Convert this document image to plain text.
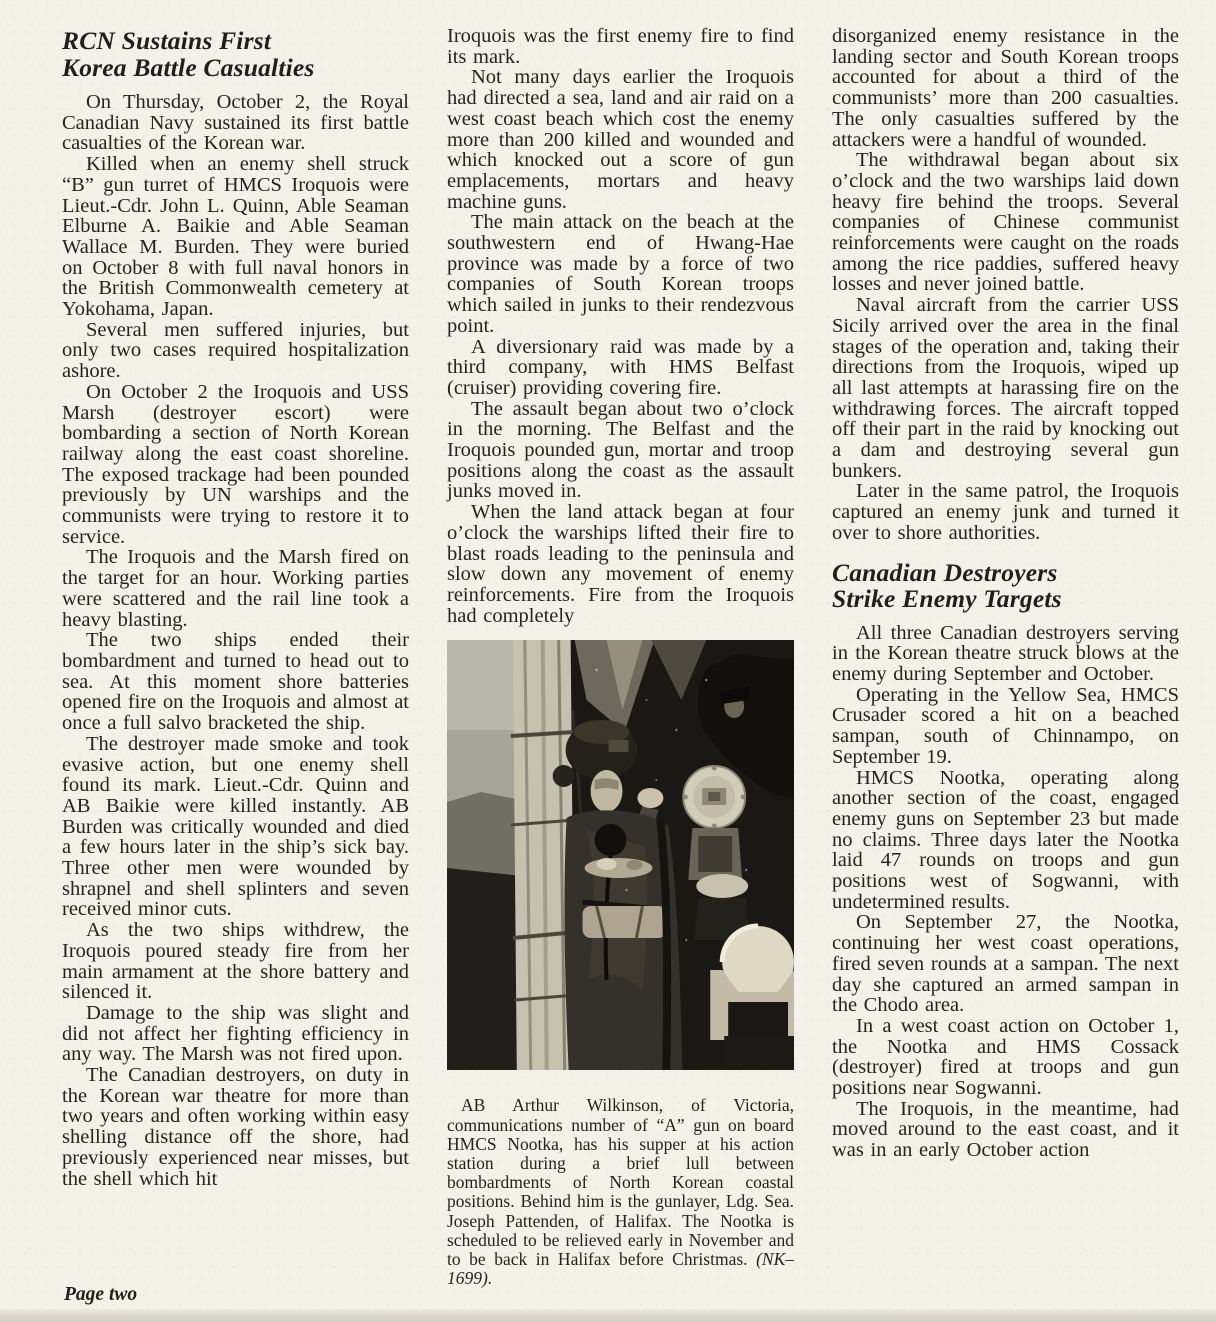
RCN Sustains First
Korea Battle Casualties

On Thursday, October 2, the Royal Canadian Navy sustained its first battle casualties of the Korean war.

Killed when an enemy shell struck “B” gun turret of HMCS Iroquois were Lieut.-Cdr. John L. Quinn, Able Seaman Elburne A. Baikie and Able Seaman Wallace M. Burden. They were buried on October 8 with full naval honors in the British Commonwealth cemetery at Yokohama, Japan.

Several men suffered injuries, but only two cases required hospitalization ashore.

On October 2 the Iroquois and USS Marsh (destroyer escort) were bombarding a section of North Korean railway along the east coast shoreline. The exposed trackage had been pounded previously by UN warships and the communists were trying to restore it to service.

The Iroquois and the Marsh fired on the target for an hour. Working parties were scattered and the rail line took a heavy blasting.

The two ships ended their bombardment and turned to head out to sea. At this moment shore batteries opened fire on the Iroquois and almost at once a full salvo bracketed the ship.

The destroyer made smoke and took evasive action, but one enemy shell found its mark. Lieut.-Cdr. Quinn and AB Baikie were killed instantly. AB Burden was critically wounded and died a few hours later in the ship’s sick bay. Three other men were wounded by shrapnel and shell splinters and seven received minor cuts.

As the two ships withdrew, the Iroquois poured steady fire from her main armament at the shore battery and silenced it.

Damage to the ship was slight and did not affect her fighting efficiency in any way. The Marsh was not fired upon.

The Canadian destroyers, on duty in the Korean war theatre for more than two years and often working within easy shelling distance off the shore, had previously experienced near misses, but the shell which hit

Iroquois was the first enemy fire to find its mark.

Not many days earlier the Iroquois had directed a sea, land and air raid on a west coast beach which cost the enemy more than 200 killed and wounded and which knocked out a score of gun emplacements, mortars and heavy machine guns.

The main attack on the beach at the southwestern end of Hwang-Hae province was made by a force of two companies of South Korean troops which sailed in junks to their rendezvous point.

A diversionary raid was made by a third company, with HMS Belfast (cruiser) providing covering fire.

The assault began about two o’clock in the morning. The Belfast and the Iroquois pounded gun, mortar and troop positions along the coast as the assault junks moved in.

When the land attack began at four o’clock the warships lifted their fire to blast roads leading to the peninsula and slow down any movement of enemy reinforcements. Fire from the Iroquois had completely

AB Arthur Wilkinson, of Victoria, communications number of “A” gun on board HMCS Nootka, has his supper at his action station during a brief lull between bombardments of North Korean coastal positions. Behind him is the gunlayer, Ldg. Sea. Joseph Pattenden, of Halifax. The Nootka is scheduled to be relieved early in November and to be back in Halifax before Christmas. (NK–1699).

disorganized enemy resistance in the landing sector and South Korean troops accounted for about a third of the communists’ more than 200 casualties. The only casualties suffered by the attackers were a handful of wounded.

The withdrawal began about six o’clock and the two warships laid down heavy fire behind the troops. Several companies of Chinese communist reinforcements were caught on the roads among the rice paddies, suffered heavy losses and never joined battle.

Naval aircraft from the carrier USS Sicily arrived over the area in the final stages of the operation and, taking their directions from the Iroquois, wiped up all last attempts at harassing fire on the withdrawing forces. The aircraft topped off their part in the raid by knocking out a dam and destroying several gun bunkers.

Later in the same patrol, the Iroquois captured an enemy junk and turned it over to shore authorities.

Canadian Destroyers
Strike Enemy Targets

All three Canadian destroyers serving in the Korean theatre struck blows at the enemy during September and October.

Operating in the Yellow Sea, HMCS Crusader scored a hit on a beached sampan, south of Chinnampo, on September 19.

HMCS Nootka, operating along another section of the coast, engaged enemy guns on September 23 but made no claims. Three days later the Nootka laid 47 rounds on troops and gun positions west of Sogwanni, with undetermined results.

On September 27, the Nootka, continuing her west coast operations, fired seven rounds at a sampan. The next day she captured an armed sampan in the Chodo area.

In a west coast action on October 1, the Nootka and HMS Cossack (destroyer) fired at troops and gun positions near Sogwanni.

The Iroquois, in the meantime, had moved around to the east coast, and it was in an early October action

Page two
